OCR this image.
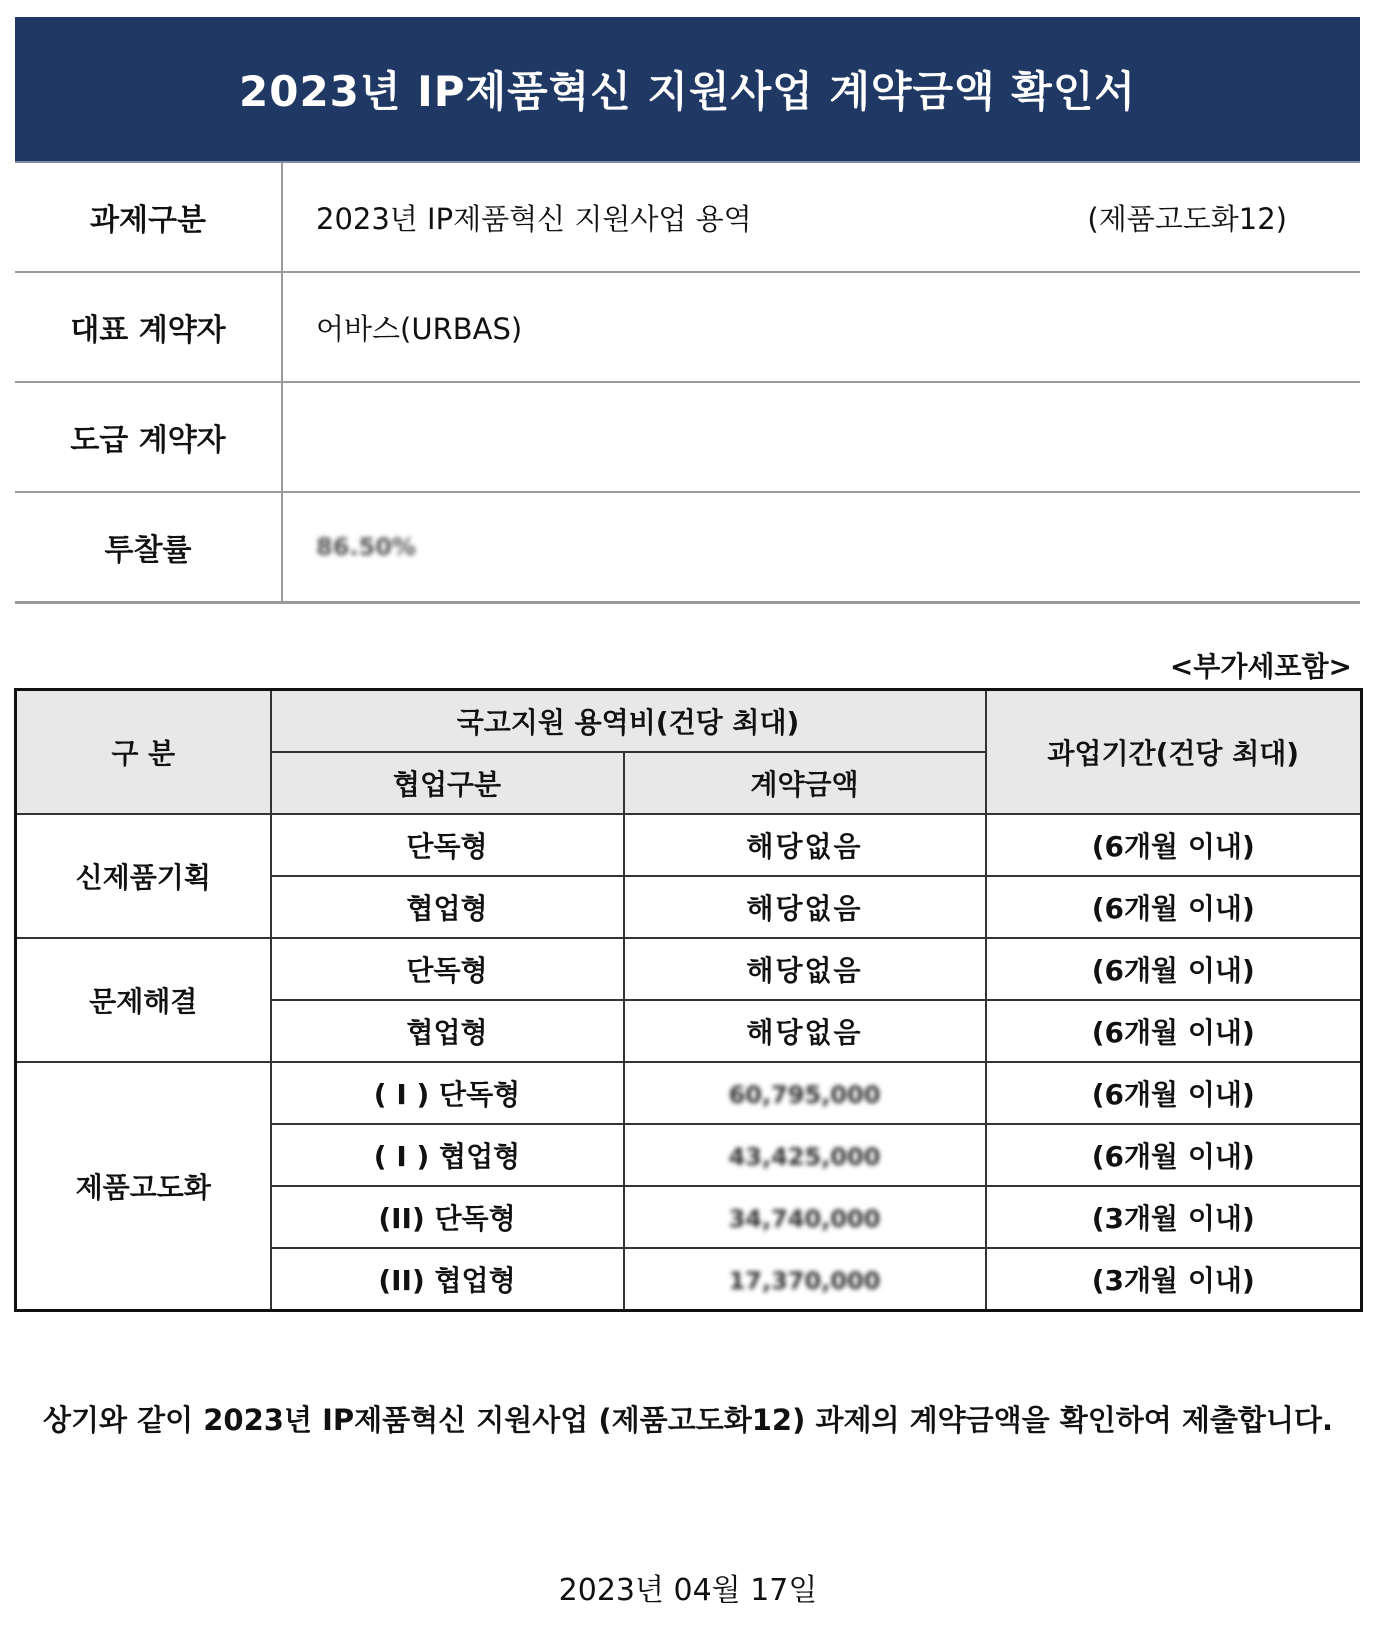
2023년 IP제품혁신 지원사업 계약금액 확인서
과제구분	2023년 IP제품혁신 지원사업 용역	(제품고도화12)
대표 계약자	어바스(URBAS)
도급 계약자
투찰률	86.50%
<부가세포함>
구 분	국고지원 용역비(건당 최대)		과업기간(건당 최대)
	협업구분	계약금액	
신제품기획	단독형	해당없음	(6개월 이내)
	협업형	해당없음	(6개월 이내)
문제해결	단독형	해당없음	(6개월 이내)
	협업형	해당없음	(6개월 이내)
제품고도화	( I ) 단독형	60,795,000	(6개월 이내)
	( I ) 협업형	43,425,000	(6개월 이내)
	(II) 단독형	34,740,000	(3개월 이내)
	(II) 협업형	17,370,000	(3개월 이내)
상기와 같이 2023년 IP제품혁신 지원사업 (제품고도화12) 과제의 계약금액을 확인하여 제출합니다.
2023년 04월 17일
